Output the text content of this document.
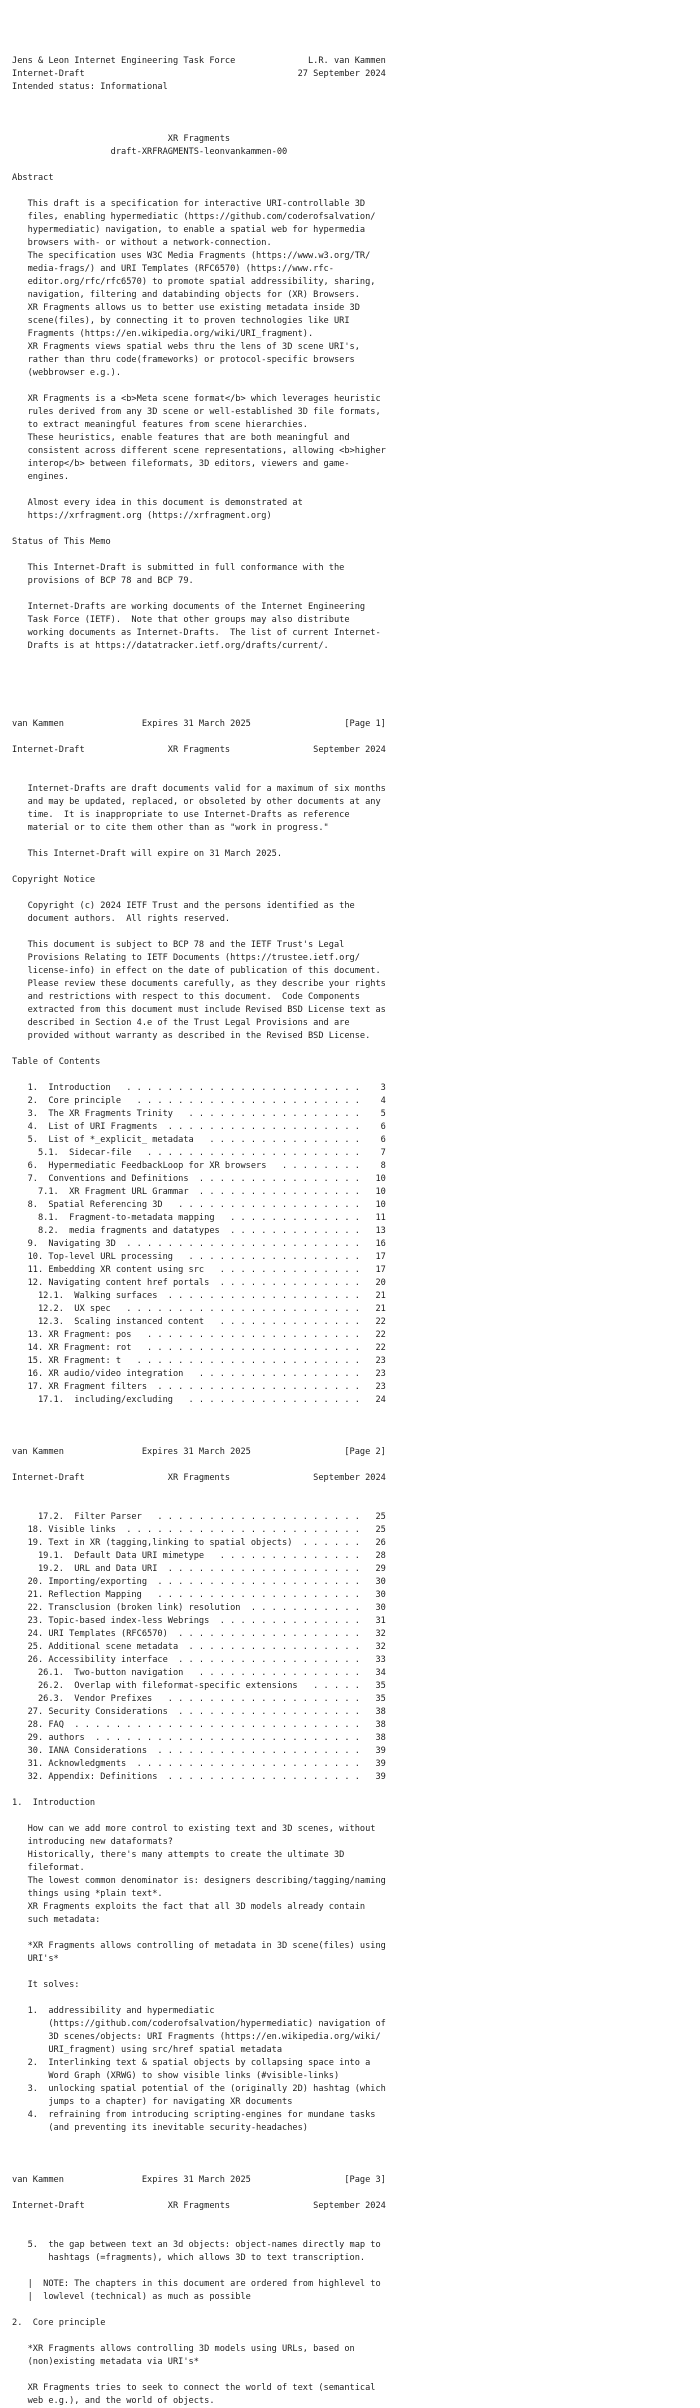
Jens & Leon Internet Engineering Task Force              L.R. van Kammen
Internet-Draft                                         27 September 2024
Intended status: Informational

XR Fragments
draft-XRFRAGMENTS-leonvankammen-00

Abstract

This draft is a specification for interactive URI-controllable 3D
files, enabling hypermediatic (https://github.com/coderofsalvation/
hypermediatic) navigation, to enable a spatial web for hypermedia
browsers with- or without a network-connection.
The specification uses W3C Media Fragments (https://www.w3.org/TR/
media-frags/) and URI Templates (RFC6570) (https://www.rfc-
editor.org/rfc/rfc6570) to promote spatial addressibility, sharing,
navigation, filtering and databinding objects for (XR) Browsers.
XR Fragments allows us to better use existing metadata inside 3D
scene(files), by connecting it to proven technologies like URI
Fragments (https://en.wikipedia.org/wiki/URI_fragment).
XR Fragments views spatial webs thru the lens of 3D scene URI's,
rather than thru code(frameworks) or protocol-specific browsers
(webbrowser e.g.).

XR Fragments is a <b>Meta scene format</b> which leverages heuristic
rules derived from any 3D scene or well-established 3D file formats,
to extract meaningful features from scene hierarchies.
These heuristics, enable features that are both meaningful and
consistent across different scene representations, allowing <b>higher
interop</b> between fileformats, 3D editors, viewers and game-
engines.

Almost every idea in this document is demonstrated at
https://xrfragment.org (https://xrfragment.org)

Status of This Memo

This Internet-Draft is submitted in full conformance with the
provisions of BCP 78 and BCP 79.

Internet-Drafts are working documents of the Internet Engineering
Task Force (IETF).  Note that other groups may also distribute
working documents as Internet-Drafts.  The list of current Internet-
Drafts is at https://datatracker.ietf.org/drafts/current/.

van Kammen               Expires 31 March 2025                  [Page 1]

Internet-Draft                XR Fragments                September 2024

Internet-Drafts are draft documents valid for a maximum of six months
and may be updated, replaced, or obsoleted by other documents at any
time.  It is inappropriate to use Internet-Drafts as reference
material or to cite them other than as "work in progress."

This Internet-Draft will expire on 31 March 2025.

Copyright Notice

Copyright (c) 2024 IETF Trust and the persons identified as the
document authors.  All rights reserved.

This document is subject to BCP 78 and the IETF Trust's Legal
Provisions Relating to IETF Documents (https://trustee.ietf.org/
license-info) in effect on the date of publication of this document.
Please review these documents carefully, as they describe your rights
and restrictions with respect to this document.  Code Components
extracted from this document must include Revised BSD License text as
described in Section 4.e of the Trust Legal Provisions and are
provided without warranty as described in the Revised BSD License.

Table of Contents

1.  Introduction   . . . . . . . . . . . . . . . . . . . . . . .    3
2.  Core principle   . . . . . . . . . . . . . . . . . . . . . .    4
3.  The XR Fragments Trinity   . . . . . . . . . . . . . . . . .    5
4.  List of URI Fragments  . . . . . . . . . . . . . . . . . . .    6
5.  List of *_explicit_ metadata   . . . . . . . . . . . . . . .    6
5.1.  Sidecar-file   . . . . . . . . . . . . . . . . . . . . .    7
6.  Hypermediatic FeedbackLoop for XR browsers   . . . . . . . .    8
7.  Conventions and Definitions  . . . . . . . . . . . . . . . .   10
7.1.  XR Fragment URL Grammar  . . . . . . . . . . . . . . . .   10
8.  Spatial Referencing 3D   . . . . . . . . . . . . . . . . . .   10
8.1.  Fragment-to-metadata mapping   . . . . . . . . . . . . .   11
8.2.  media fragments and datatypes  . . . . . . . . . . . . .   13
9.  Navigating 3D  . . . . . . . . . . . . . . . . . . . . . . .   16
10. Top-level URL processing   . . . . . . . . . . . . . . . . .   17
11. Embedding XR content using src   . . . . . . . . . . . . . .   17
12. Navigating content href portals  . . . . . . . . . . . . . .   20
12.1.  Walking surfaces  . . . . . . . . . . . . . . . . . . .   21
12.2.  UX spec   . . . . . . . . . . . . . . . . . . . . . . .   21
12.3.  Scaling instanced content   . . . . . . . . . . . . . .   22
13. XR Fragment: pos   . . . . . . . . . . . . . . . . . . . . .   22
14. XR Fragment: rot   . . . . . . . . . . . . . . . . . . . . .   22
15. XR Fragment: t   . . . . . . . . . . . . . . . . . . . . . .   23
16. XR audio/video integration   . . . . . . . . . . . . . . . .   23
17. XR Fragment filters  . . . . . . . . . . . . . . . . . . . .   23
17.1.  including/excluding   . . . . . . . . . . . . . . . . .   24

van Kammen               Expires 31 March 2025                  [Page 2]

Internet-Draft                XR Fragments                September 2024

17.2.  Filter Parser   . . . . . . . . . . . . . . . . . . . .   25
18. Visible links  . . . . . . . . . . . . . . . . . . . . . . .   25
19. Text in XR (tagging,linking to spatial objects)  . . . . . .   26
19.1.  Default Data URI mimetype   . . . . . . . . . . . . . .   28
19.2.  URL and Data URI  . . . . . . . . . . . . . . . . . . .   29
20. Importing/exporting  . . . . . . . . . . . . . . . . . . . .   30
21. Reflection Mapping   . . . . . . . . . . . . . . . . . . . .   30
22. Transclusion (broken link) resolution  . . . . . . . . . . .   30
23. Topic-based index-less Webrings  . . . . . . . . . . . . . .   31
24. URI Templates (RFC6570)  . . . . . . . . . . . . . . . . . .   32
25. Additional scene metadata  . . . . . . . . . . . . . . . . .   32
26. Accessibility interface  . . . . . . . . . . . . . . . . . .   33
26.1.  Two-button navigation   . . . . . . . . . . . . . . . .   34
26.2.  Overlap with fileformat-specific extensions   . . . . .   35
26.3.  Vendor Prefixes   . . . . . . . . . . . . . . . . . . .   35
27. Security Considerations  . . . . . . . . . . . . . . . . . .   38
28. FAQ  . . . . . . . . . . . . . . . . . . . . . . . . . . . .   38
29. authors  . . . . . . . . . . . . . . . . . . . . . . . . . .   38
30. IANA Considerations  . . . . . . . . . . . . . . . . . . . .   39
31. Acknowledgments  . . . . . . . . . . . . . . . . . . . . . .   39
32. Appendix: Definitions  . . . . . . . . . . . . . . . . . . .   39

1.  Introduction

How can we add more control to existing text and 3D scenes, without
introducing new dataformats?
Historically, there's many attempts to create the ultimate 3D
fileformat.
The lowest common denominator is: designers describing/tagging/naming
things using *plain text*.
XR Fragments exploits the fact that all 3D models already contain
such metadata:

*XR Fragments allows controlling of metadata in 3D scene(files) using
URI's*

It solves:

1.  addressibility and hypermediatic
(https://github.com/coderofsalvation/hypermediatic) navigation of
3D scenes/objects: URI Fragments (https://en.wikipedia.org/wiki/
URI_fragment) using src/href spatial metadata
2.  Interlinking text & spatial objects by collapsing space into a
Word Graph (XRWG) to show visible links (#visible-links)
3.  unlocking spatial potential of the (originally 2D) hashtag (which
jumps to a chapter) for navigating XR documents
4.  refraining from introducing scripting-engines for mundane tasks
(and preventing its inevitable security-headaches)

van Kammen               Expires 31 March 2025                  [Page 3]

Internet-Draft                XR Fragments                September 2024

5.  the gap between text an 3d objects: object-names directly map to
hashtags (=fragments), which allows 3D to text transcription.

|  NOTE: The chapters in this document are ordered from highlevel to
|  lowlevel (technical) as much as possible

2.  Core principle

*XR Fragments allows controlling 3D models using URLs, based on
(non)existing metadata via URI's*

XR Fragments tries to seek to connect the world of text (semantical
web e.g.), and the world of objects.
